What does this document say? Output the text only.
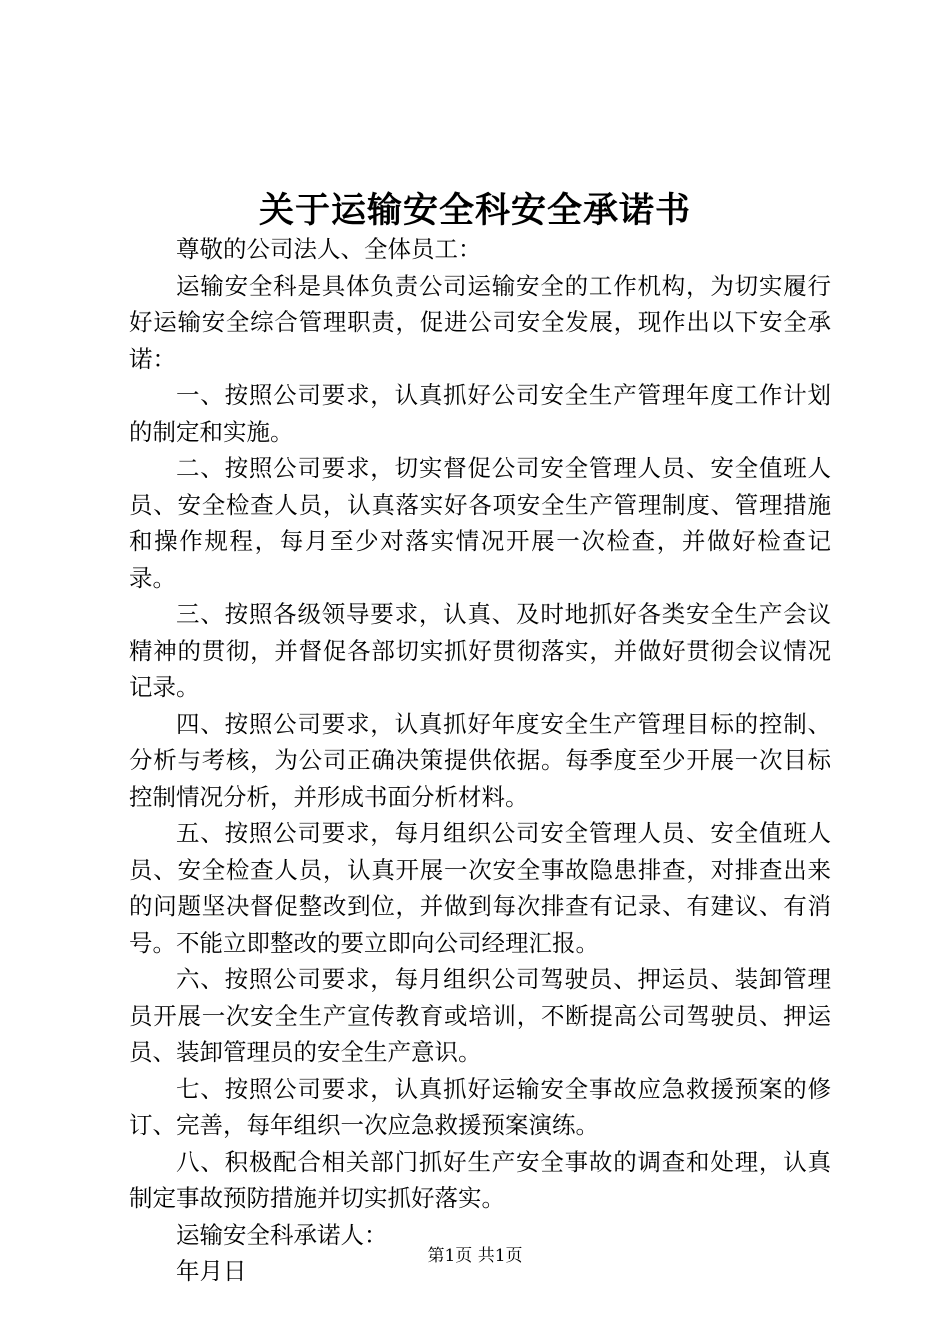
关于运输安全科安全承诺书

尊敬的公司法人、全体员工：

运输安全科是具体负责公司运输安全的工作机构，为切实履行好运输安全综合管理职责，促进公司安全发展，现作出以下安全承诺：

一、按照公司要求，认真抓好公司安全生产管理年度工作计划的制定和实施。

二、按照公司要求，切实督促公司安全管理人员、安全值班人员、安全检查人员，认真落实好各项安全生产管理制度、管理措施和操作规程，每月至少对落实情况开展一次检查，并做好检查记录。

三、按照各级领导要求，认真、及时地抓好各类安全生产会议精神的贯彻，并督促各部切实抓好贯彻落实，并做好贯彻会议情况记录。

四、按照公司要求，认真抓好年度安全生产管理目标的控制、分析与考核，为公司正确决策提供依据。每季度至少开展一次目标控制情况分析，并形成书面分析材料。

五、按照公司要求，每月组织公司安全管理人员、安全值班人员、安全检查人员，认真开展一次安全事故隐患排查，对排查出来的问题坚决督促整改到位，并做到每次排查有记录、有建议、有消号。不能立即整改的要立即向公司经理汇报。

六、按照公司要求，每月组织公司驾驶员、押运员、装卸管理员开展一次安全生产宣传教育或培训，不断提高公司驾驶员、押运员、装卸管理员的安全生产意识。

七、按照公司要求，认真抓好运输安全事故应急救援预案的修订、完善，每年组织一次应急救援预案演练。

八、积极配合相关部门抓好生产安全事故的调查和处理，认真制定事故预防措施并切实抓好落实。

运输安全科承诺人：

年月日

第1页 共1页
